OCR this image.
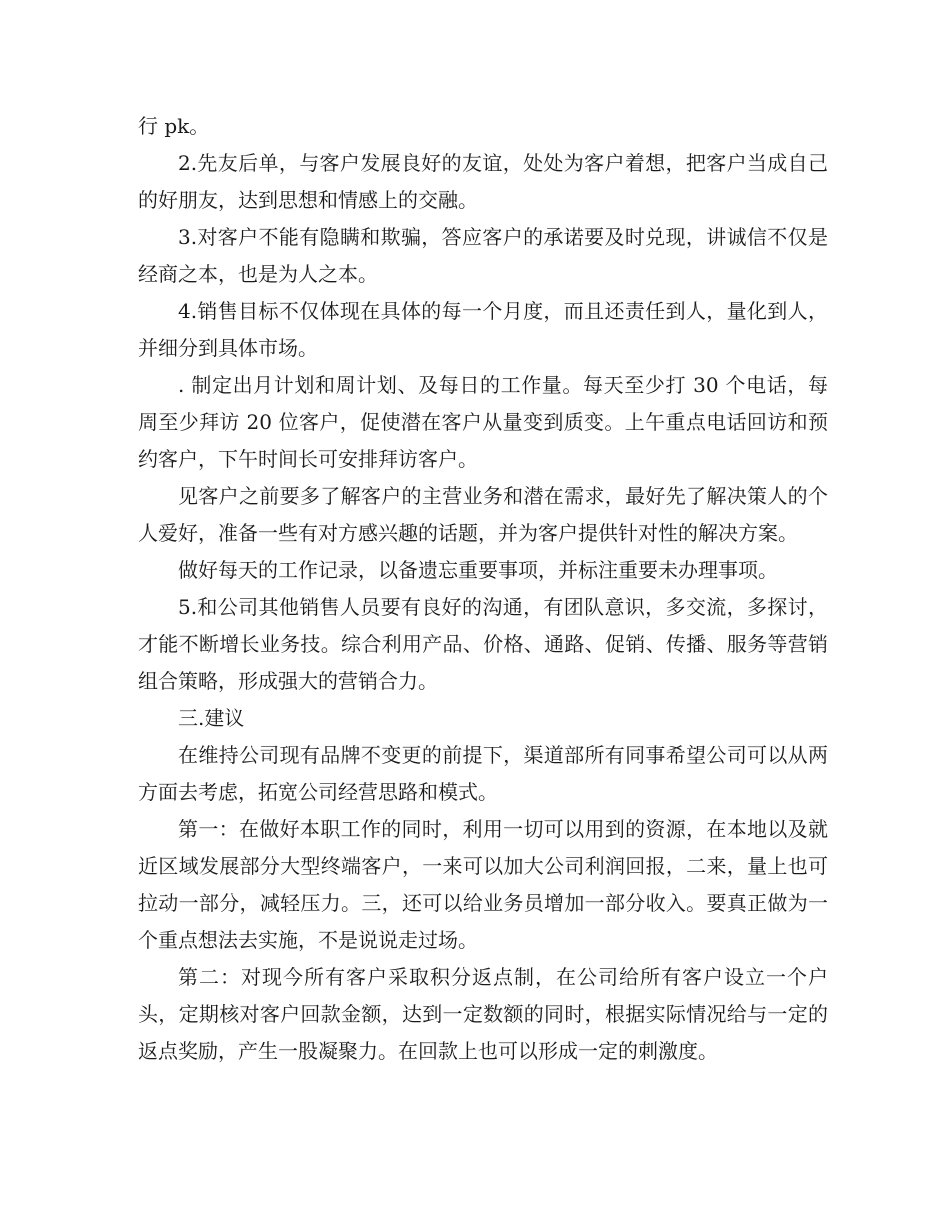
行 pk。

2.先友后单，与客户发展良好的友谊，处处为客户着想，把客户当成自己的好朋友，达到思想和情感上的交融。

3.对客户不能有隐瞒和欺骗，答应客户的承诺要及时兑现，讲诚信不仅是经商之本，也是为人之本。

4.销售目标不仅体现在具体的每一个月度，而且还责任到人，量化到人，并细分到具体市场。

. 制定出月计划和周计划、及每日的工作量。每天至少打 30 个电话，每周至少拜访 20 位客户，促使潜在客户从量变到质变。上午重点电话回访和预约客户，下午时间长可安排拜访客户。

见客户之前要多了解客户的主营业务和潜在需求，最好先了解决策人的个人爱好，准备一些有对方感兴趣的话题，并为客户提供针对性的解决方案。

做好每天的工作记录，以备遗忘重要事项，并标注重要未办理事项。

5.和公司其他销售人员要有良好的沟通，有团队意识，多交流，多探讨，才能不断增长业务技。综合利用产品、价格、通路、促销、传播、服务等营销组合策略，形成强大的营销合力。

三.建议

在维持公司现有品牌不变更的前提下，渠道部所有同事希望公司可以从两方面去考虑，拓宽公司经营思路和模式。

第一：在做好本职工作的同时，利用一切可以用到的资源，在本地以及就近区域发展部分大型终端客户，一来可以加大公司利润回报，二来，量上也可拉动一部分，减轻压力。三，还可以给业务员增加一部分收入。要真正做为一个重点想法去实施，不是说说走过场。

第二：对现今所有客户采取积分返点制，在公司给所有客户设立一个户头，定期核对客户回款金额，达到一定数额的同时，根据实际情况给与一定的返点奖励，产生一股凝聚力。在回款上也可以形成一定的刺激度。
